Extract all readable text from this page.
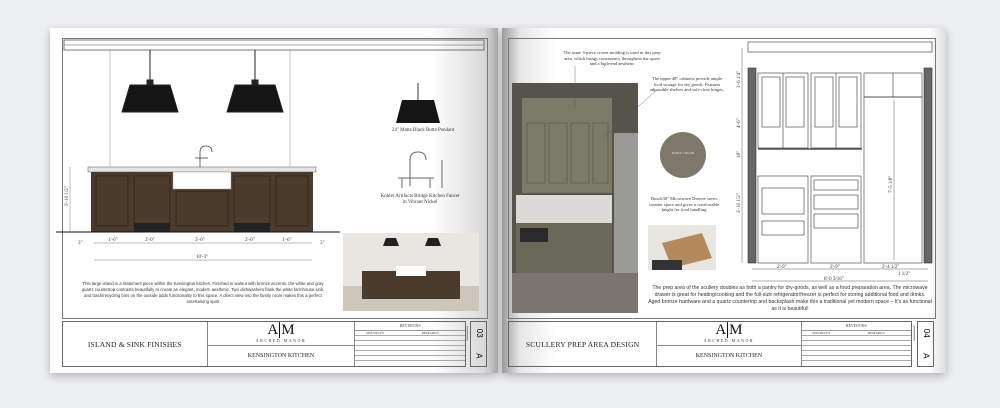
3'-10 1/2"
3"
1'-6"	2'-0"	3'-0"	2'-0"	1'-6"
3"
10'-3"
24" Matte Black Butte Pendant
Kohler Artifacts Bridge Kitchen Faucet in Vibrant Nickel
This large island is a statement piece within the Kensington kitchen. Finished in walnut with bronze accents, the white and gray quartz countertop contrasts beautifully to create an elegant, modern aesthetic. Two dishwashers flank the white farmhouse sink, and trash/recycling bins on the outside adds functionality to this space. A direct view into the family room makes this a perfect entertaining spot!
ISLAND & SINK FINISHES
A M
ARCHED MANOR
KENSINGTON KITCHEN
REVISIONS
MM/DD/YY	REMARKS	03
A
PAINT COLOR
1'-6 1/4"
4'-6"
18"
3'-10 1/2"
7'-5 1/8"
2'-9"	2'-9"	2'-4 1/2"
1 1/2"
8'-0 3/16"
The same 3-piece crown molding is used in this prep area, which brings consistency throughout the space and a high-end aesthetic
The upper 48" cabinets provide ample food storage for dry goods. Features adjustable shelves and soft-close hinges.
Bosch30" Microwave Drawer saves counter space and gives a comfortable height for food handling
The prep area of the scullery doubles as both a pantry for dry-goods, as well as a food preparation area. The microwave drawer is great for heating/cooking and the full-size refrigerator/freezer is perfect for storing additional food and drinks. Aged bronze hardware and a quartz countertop and backsplash make this a traditional yet modern space – It's as functional as it is beautiful!
SCULLERY PREP AREA DESIGN
A M
ARCHED MANOR
KENSINGTON KITCHEN
REVISIONS
MM/DD/YY	REMARKS	04
A
